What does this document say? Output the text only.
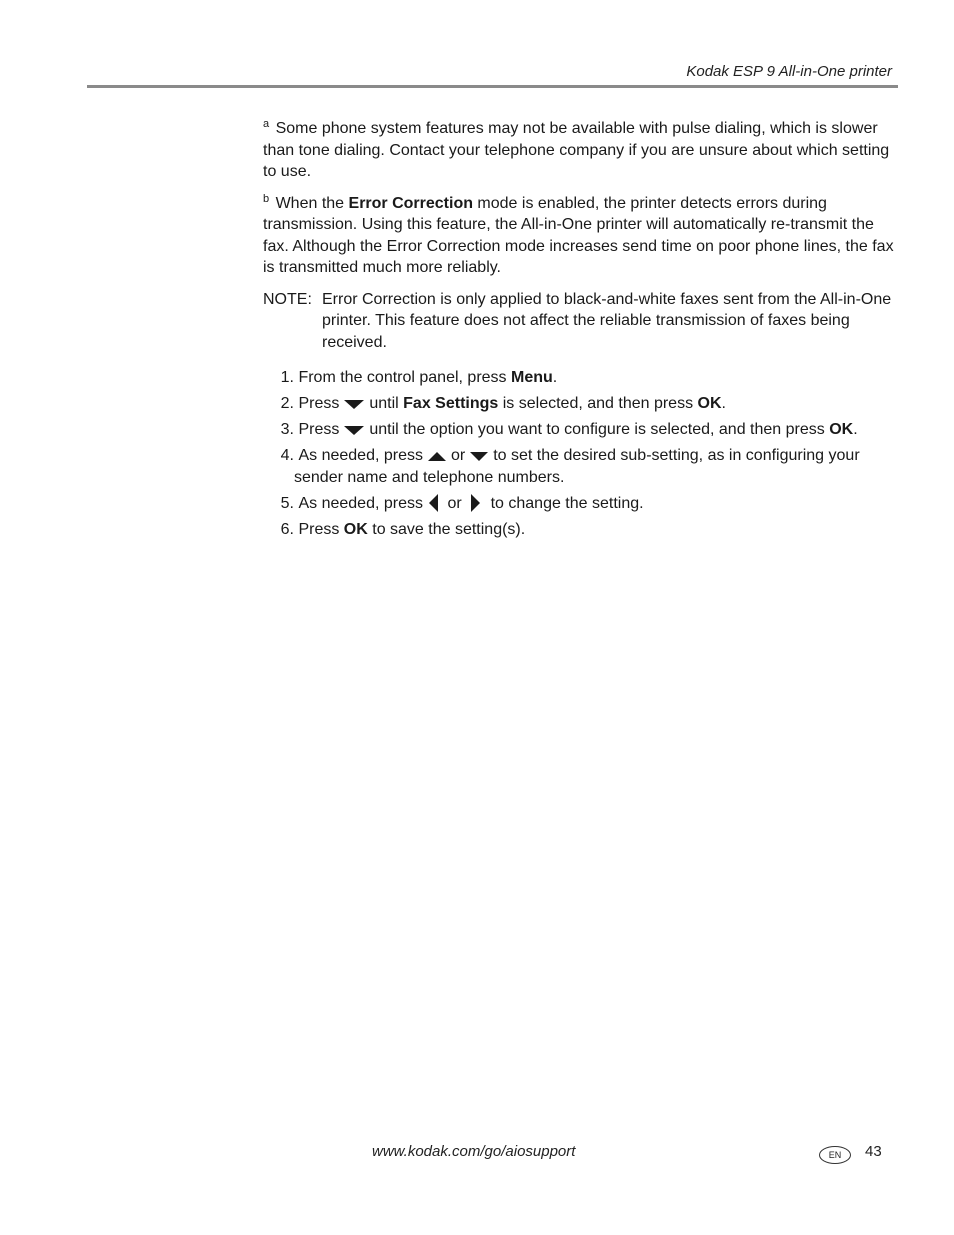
Kodak ESP 9 All-in-One printer

$^a$ Some phone system features may not be available with pulse dialing, which is slower than tone dialing. Contact your telephone company if you are unsure about which setting to use.

$^b$ When the Error Correction mode is enabled, the printer detects errors during transmission. Using this feature, the All-in-One printer will automatically re-transmit the fax. Although the Error Correction mode increases send time on poor phone lines, the fax is transmitted much more reliably.

NOTE: Error Correction is only applied to black-and-white faxes sent from the All-in-One printer. This feature does not affect the reliable transmission of faxes being received.
1. From the control panel, press Menu.
2. Press until Fax Settings is selected, and then press OK.
3. Press until the option you want to configure is selected, and then press OK.
4. As needed, press or to set the desired sub-setting, as in configuring your sender name and telephone numbers.
5. As needed, press or to change the setting.
6. Press OK to save the setting(s).
www.kodak.com/go/aiosupport	EN	43
